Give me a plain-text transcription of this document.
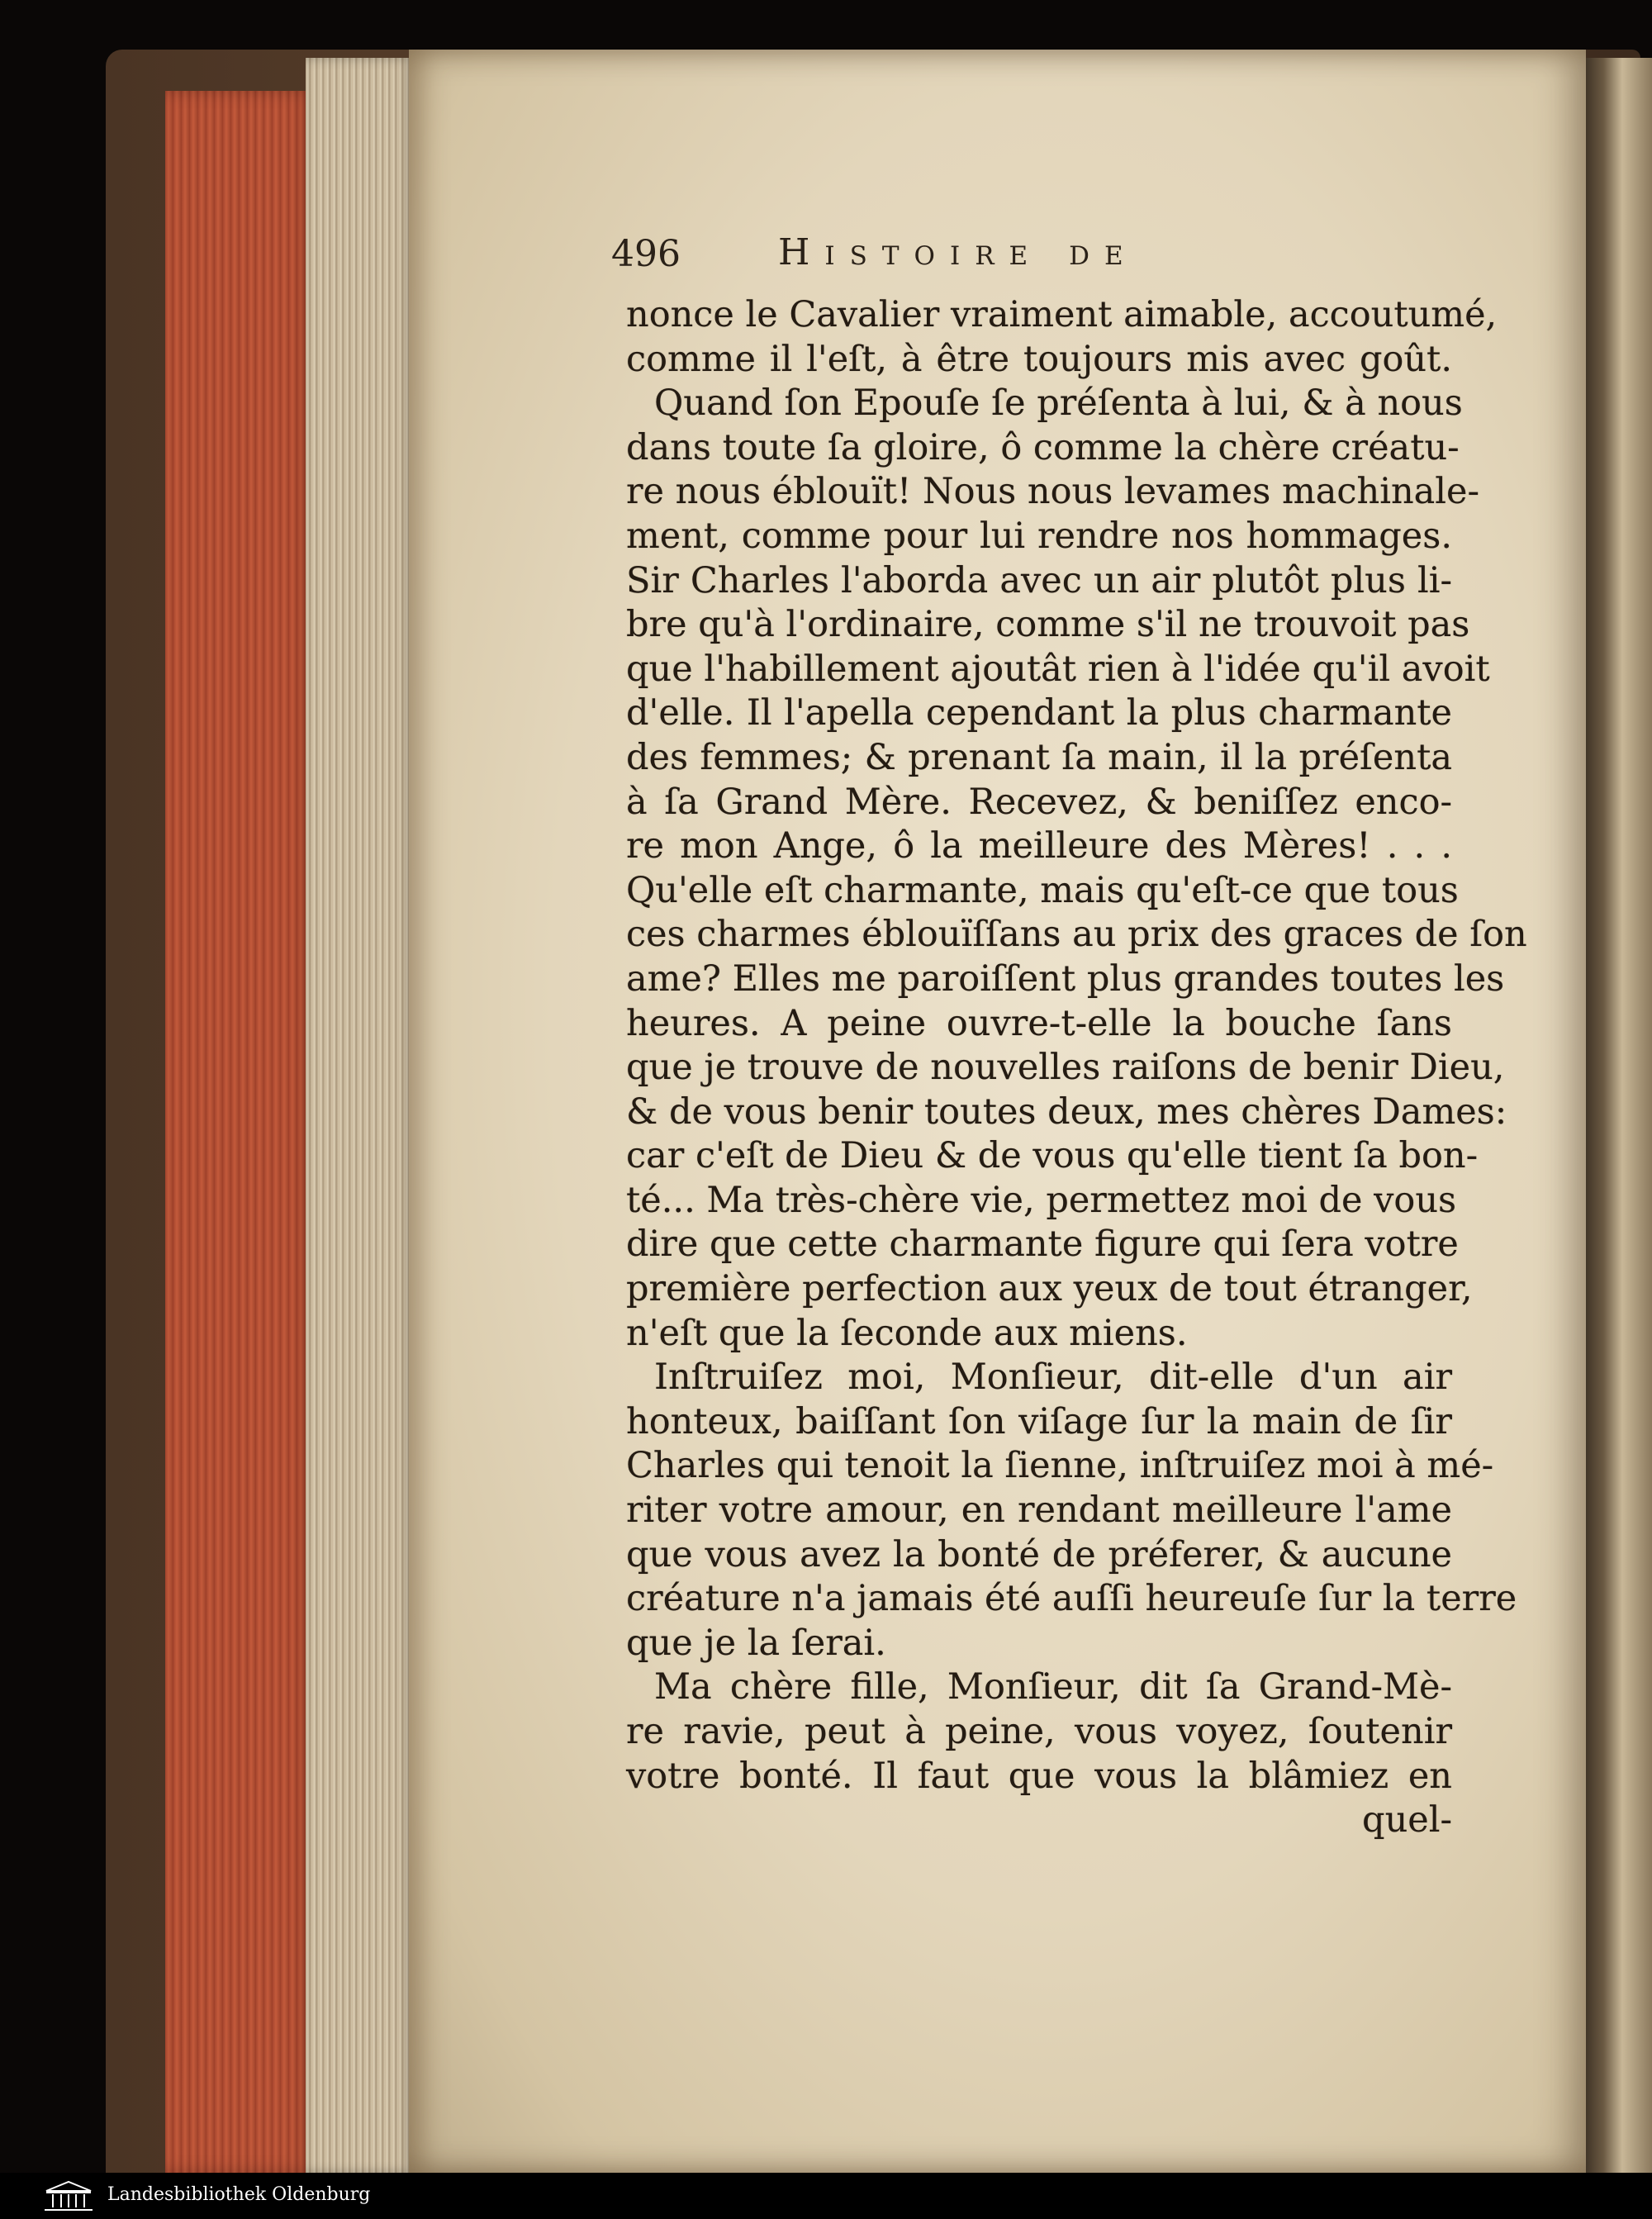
496	Histoire de
nonce le Cavalier vraiment aimable, accoutumé,
comme il l'eſt, à être toujours mis avec goût.
Quand ſon Epouſe ſe préſenta à lui, & à nous
dans toute ſa gloire, ô comme la chère créatu-
re nous éblouït! Nous nous levames machinale-
ment, comme pour lui rendre nos hommages.
Sir Charles l'aborda avec un air plutôt plus li-
bre qu'à l'ordinaire, comme s'il ne trouvoit pas
que l'habillement ajoutât rien à l'idée qu'il avoit
d'elle. Il l'apella cependant la plus charmante
des femmes; & prenant ſa main, il la préſenta
à ſa Grand Mère. Recevez, & beniſſez enco-
re mon Ange, ô la meilleure des Mères! . . .
Qu'elle eſt charmante, mais qu'eſt-ce que tous
ces charmes éblouïſſans au prix des graces de ſon
ame? Elles me paroiſſent plus grandes toutes les
heures. A peine ouvre-t-elle la bouche ſans
que je trouve de nouvelles raiſons de benir Dieu,
& de vous benir toutes deux, mes chères Dames:
car c'eſt de Dieu & de vous qu'elle tient ſa bon-
té... Ma très-chère vie, permettez moi de vous
dire que cette charmante figure qui ſera votre
première perfection aux yeux de tout étranger,
n'eſt que la ſeconde aux miens.
Inſtruiſez moi, Monſieur, dit-elle d'un air
honteux, baiſſant ſon viſage ſur la main de ſir
Charles qui tenoit la ſienne, inſtruiſez moi à mé-
riter votre amour, en rendant meilleure l'ame
que vous avez la bonté de préferer, & aucune
créature n'a jamais été auſſi heureuſe ſur la terre
que je la ſerai.
Ma chère fille, Monſieur, dit ſa Grand-Mè-
re ravie, peut à peine, vous voyez, ſoutenir
votre bonté. Il faut que vous la blâmiez en
quel-
Landesbibliothek Oldenburg
